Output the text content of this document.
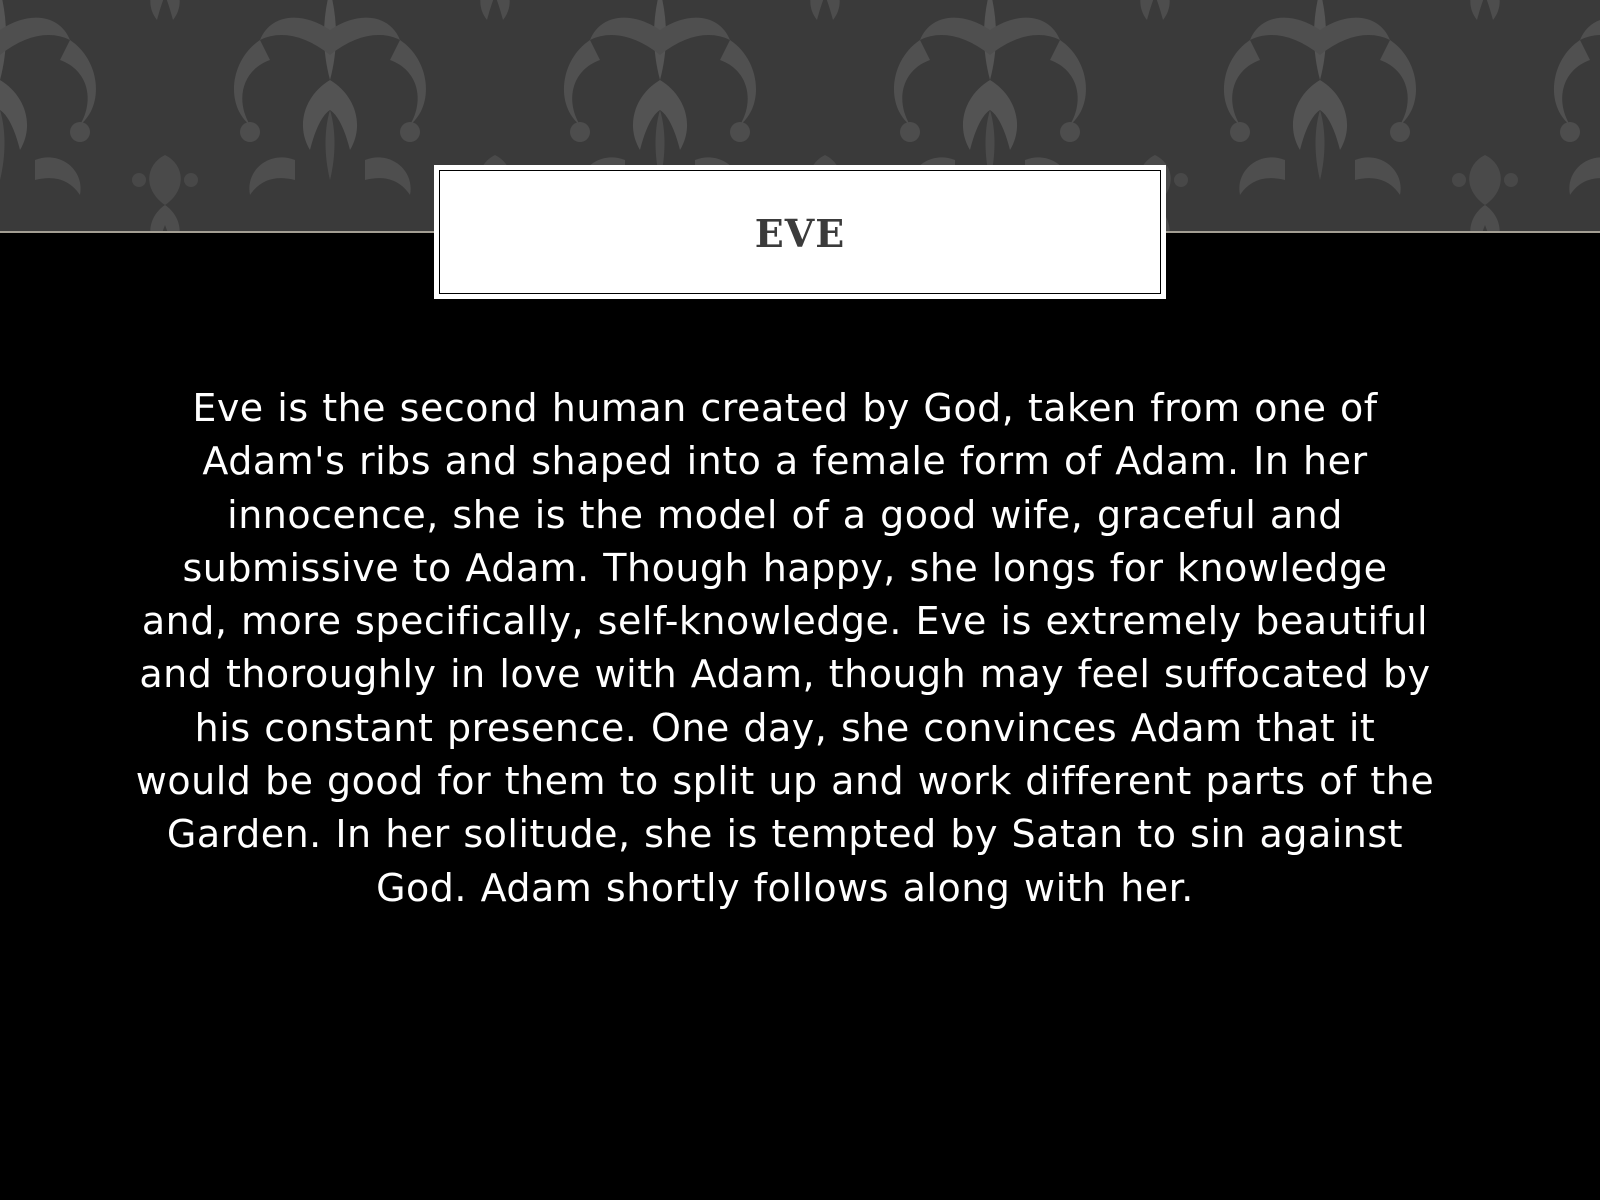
EVE
Eve is the second human created by God, taken from one of Adam's ribs and shaped into a female form of Adam. In her innocence, she is the model of a good wife, graceful and submissive to Adam. Though happy, she longs for knowledge and, more specifically, self-knowledge. Eve is extremely beautiful and thoroughly in love with Adam, though may feel suffocated by his constant presence. One day, she convinces Adam that it would be good for them to split up and work different parts of the Garden. In her solitude, she is tempted by Satan to sin against God. Adam shortly follows along with her.
